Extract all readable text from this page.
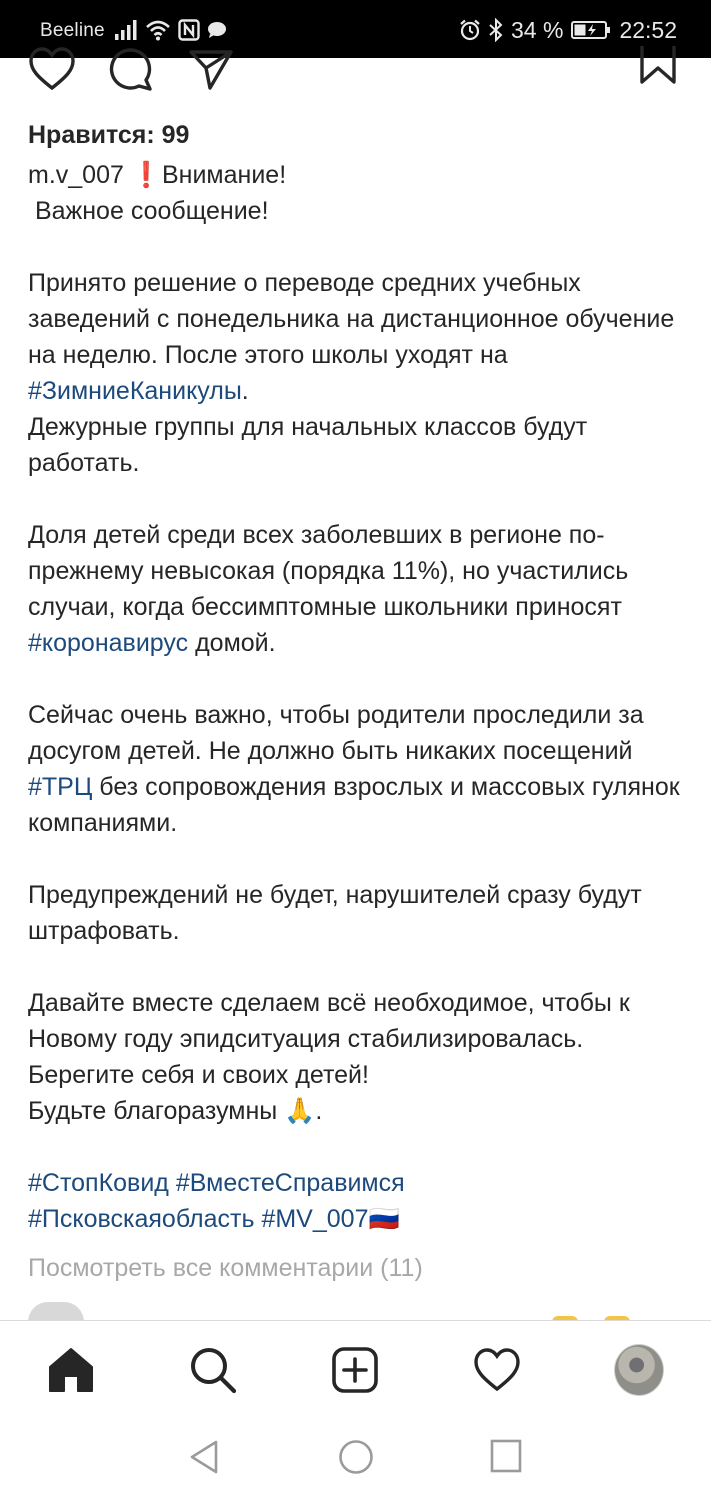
Beeline	34 % 22:52
Нравится: 99
m.v_007 ❗Внимание!
Важное сообщение!

Принято решение о переводе средних учебных заведений с понедельника на дистанционное обучение на неделю. После этого школы уходят на #ЗимниеКаникулы.
Дежурные группы для начальных классов будут работать.

Доля детей среди всех заболевших в регионе по-прежнему невысокая (порядка 11%), но участились случаи, когда бессимптомные школьники приносят #коронавирус домой.

Сейчас очень важно, чтобы родители проследили за досугом детей. Не должно быть никаких посещений #ТРЦ без сопровождения взрослых и массовых гулянок компаниями.

Предупреждений не будет, нарушителей сразу будут штрафовать.

Давайте вместе сделаем всё необходимое, чтобы к Новому году эпидситуация стабилизировалась.
Берегите себя и своих детей!
Будьте благоразумны 🙏.

#СтопКовид #ВместеСправимся
#Псковскаяобласть #MV_007🇷🇺
Посмотреть все комментарии (11)
